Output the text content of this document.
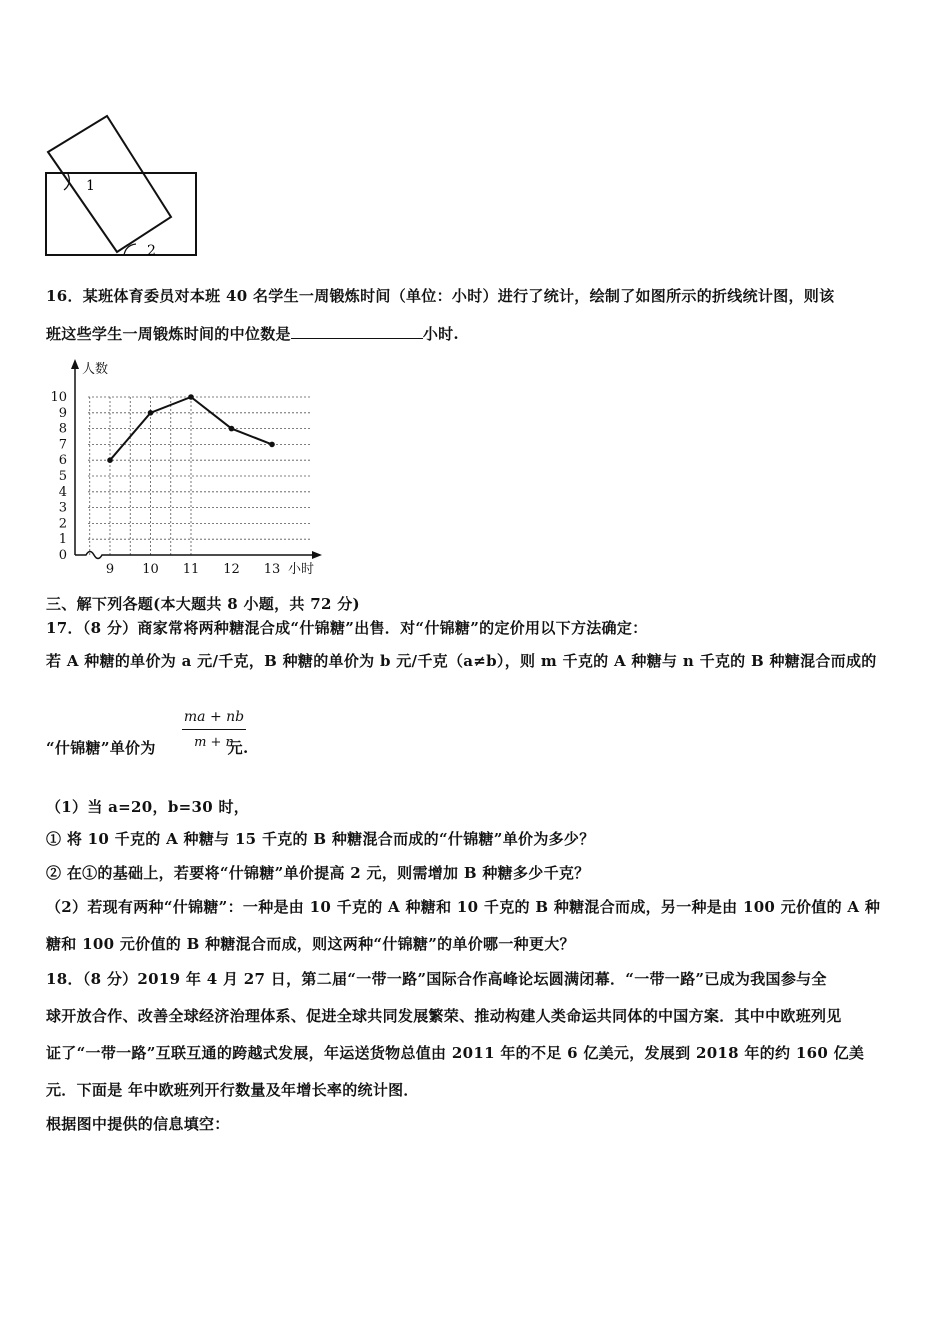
1
2
16．某班体育委员对本班 40 名学生一周锻炼时间（单位：小时）进行了统计，绘制了如图所示的折线统计图，则该
班这些学生一周锻炼时间的中位数是	小时.
1
2
3
4
5
6
7
8
9
10
0
9 10 11 12 13
人数
小时
三、解下列各题(本大题共 8 小题，共 72 分)
17．（8 分）商家常将两种糖混合成“什锦糖”出售．对“什锦糖”的定价用以下方法确定：
若 A 种糖的单价为 a 元/千克，B 种糖的单价为 b 元/千克（a≠b），则 m 千克的 A 种糖与 n 千克的 B 种糖混合而成的
“什锦糖”单价为	元.
$\frac{ma + nb}{m + n}$
（1）当 a=20，b=30 时，
① 将 10 千克的 A 种糖与 15 千克的 B 种糖混合而成的“什锦糖”单价为多少？
② 在①的基础上，若要将“什锦糖”单价提高 2 元，则需增加 B 种糖多少千克？
（2）若现有两种“什锦糖”：一种是由 10 千克的 A 种糖和 10 千克的 B 种糖混合而成，另一种是由 100 元价值的 A 种
糖和 100 元价值的 B 种糖混合而成，则这两种“什锦糖”的单价哪一种更大？
18．（8 分）2019 年 4 月 27 日，第二届“一带一路”国际合作高峰论坛圆满闭幕．“一带一路”已成为我国参与全
球开放合作、改善全球经济治理体系、促进全球共同发展繁荣、推动构建人类命运共同体的中国方案．其中中欧班列见
证了“一带一路”互联互通的跨越式发展，年运送货物总值由 2011 年的不足 6 亿美元，发展到 2018 年的约 160 亿美
元．下面是 年中欧班列开行数量及年增长率的统计图．
根据图中提供的信息填空：
